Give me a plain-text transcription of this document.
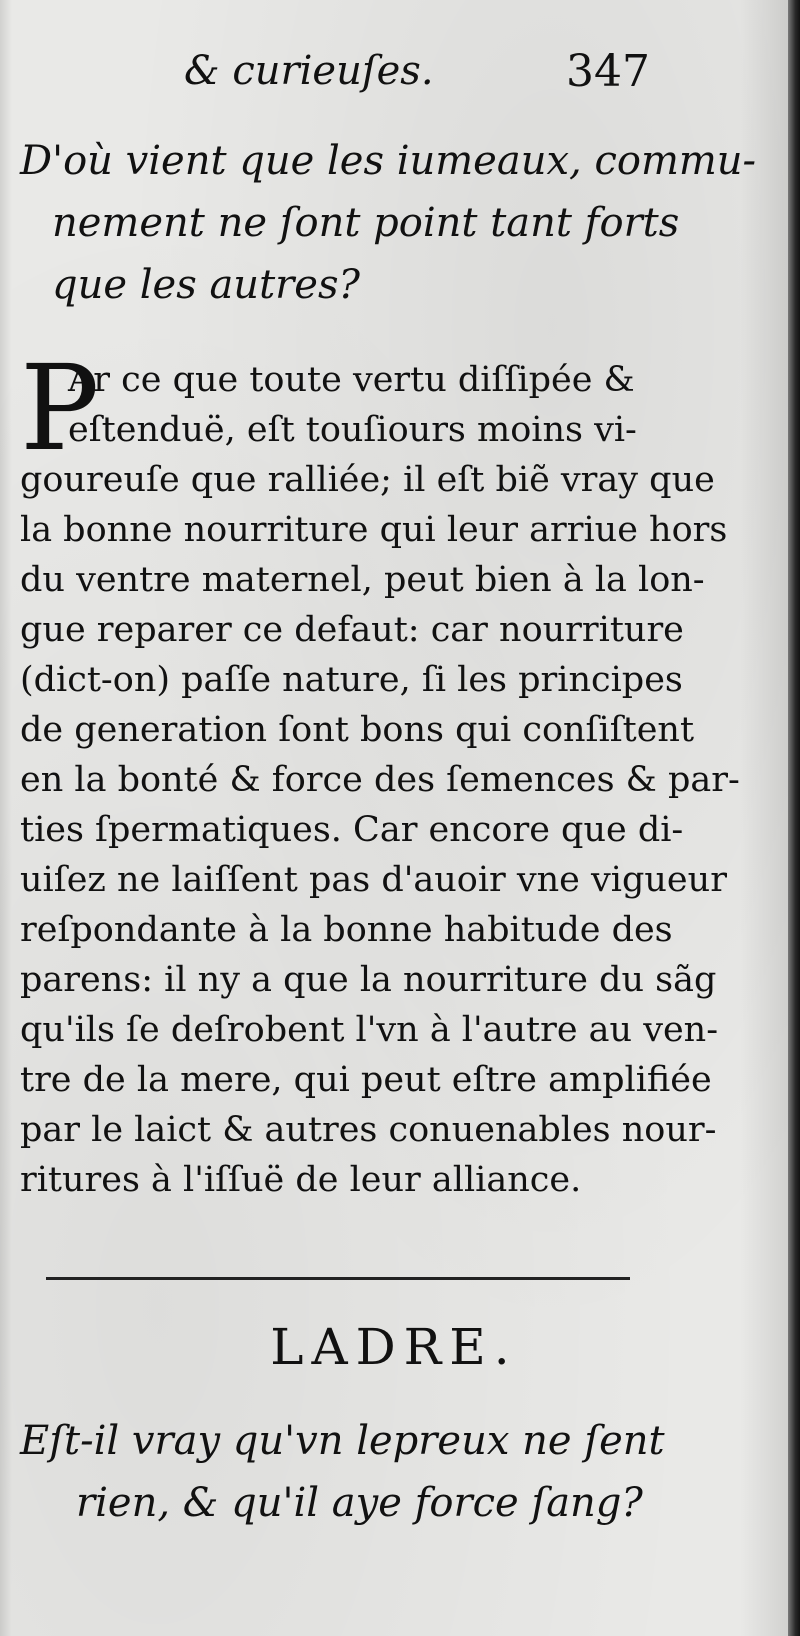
& curieuſes.	347
D'où vient que les iumeaux, commu-
nement ne ſont point tant forts
que les autres?
P
Ar ce que toute vertu diſſipée &
eſtenduë, eſt touſiours moins vi-
goureuſe que ralliée; il eſt biẽ vray que
la bonne nourriture qui leur arriue hors
du ventre maternel, peut bien à la lon-
gue reparer ce defaut: car nourriture
(dict-on) paſſe nature, ſi les principes
de generation ſont bons qui conſiſtent
en la bonté & force des ſemences & par-
ties ſpermatiques. Car encore que di-
uiſez ne laiſſent pas d'auoir vne vigueur
reſpondante à la bonne habitude des
parens: il ny a que la nourriture du sãg
qu'ils ſe deſrobent l'vn à l'autre au ven-
tre de la mere, qui peut eſtre amplifiée
par le laict & autres conuenables nour-
ritures à l'iſſuë de leur alliance.
LADRE.
Eſt-il vray qu'vn lepreux ne ſent
rien, & qu'il aye force ſang?
